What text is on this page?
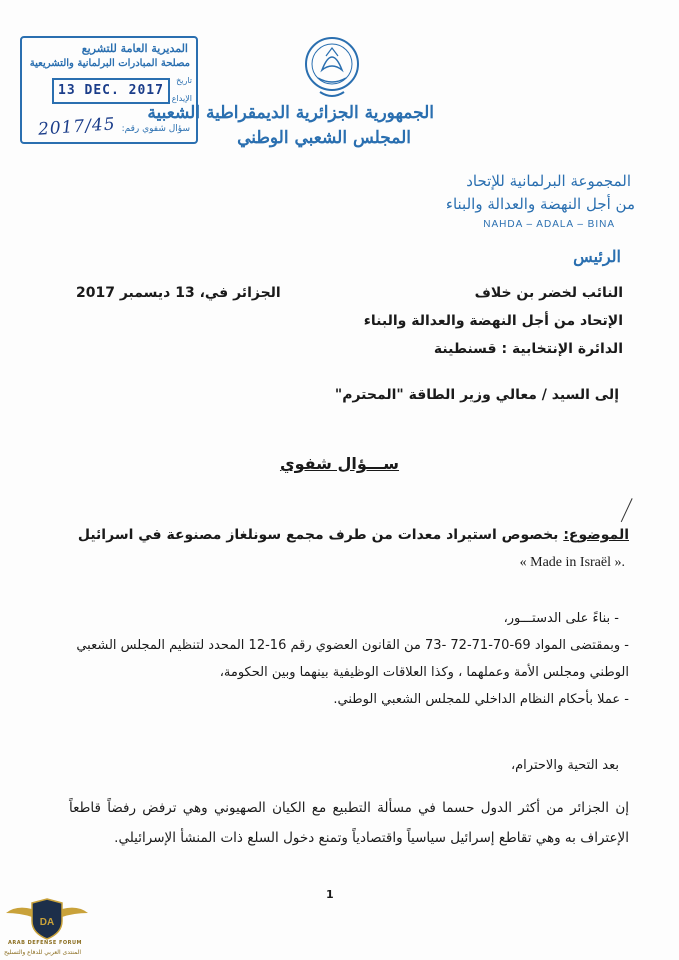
المديرية العامة للتشريع
مصلحة المبادرات البرلمانية والتشريعية
تاريخ
الإيداع
13 DEC. 2017
سؤال شفوي رقم:
2017/45
الجمهورية الجزائرية الديمقراطية الشعبية
المجلس الشعبي الوطني
المجموعة البرلمانية للإتحاد
من أجل النهضة والعدالة والبناء
NAHDA – ADALA – BINA
الرئيس
النائب لخضر بن خلاف
الإتحاد من أجل النهضة والعدالة والبناء
الدائرة الإنتخابية : قسنطينة
الجزائر في، 13 ديسمبر 2017
إلى السيد / معالي وزير الطاقة "المحترم"
ســـؤال شفوي
الموضوع: بخصوص استيراد معدات من طرف مجمع سونلغاز مصنوعة في اسرائيل
« Made in Israël ».
- بناءً على الدستـــور،
- وبمقتضى المواد 69-70-71-72 -73 من القانون العضوي رقم 16-12 المحدد لتنظيم المجلس الشعبي الوطني ومجلس الأمة وعملهما ، وكذا العلاقات الوظيفية بينهما وبين الحكومة،
- عملا بأحكام النظام الداخلي للمجلس الشعبي الوطني.
بعد التحية والاحترام،
إن الجزائر من أكثر الدول حسما في مسألة التطبيع مع الكيان الصهيوني وهي ترفض رفضاً قاطعاً الإعتراف به وهي تقاطع إسرائيل سياسياً واقتصادياً وتمنع دخول السلع ذات المنشأ الإسرائيلي.
1
DA
ARAB DEFENSE FORUM
المنتدى العربي للدفاع والتسليح
